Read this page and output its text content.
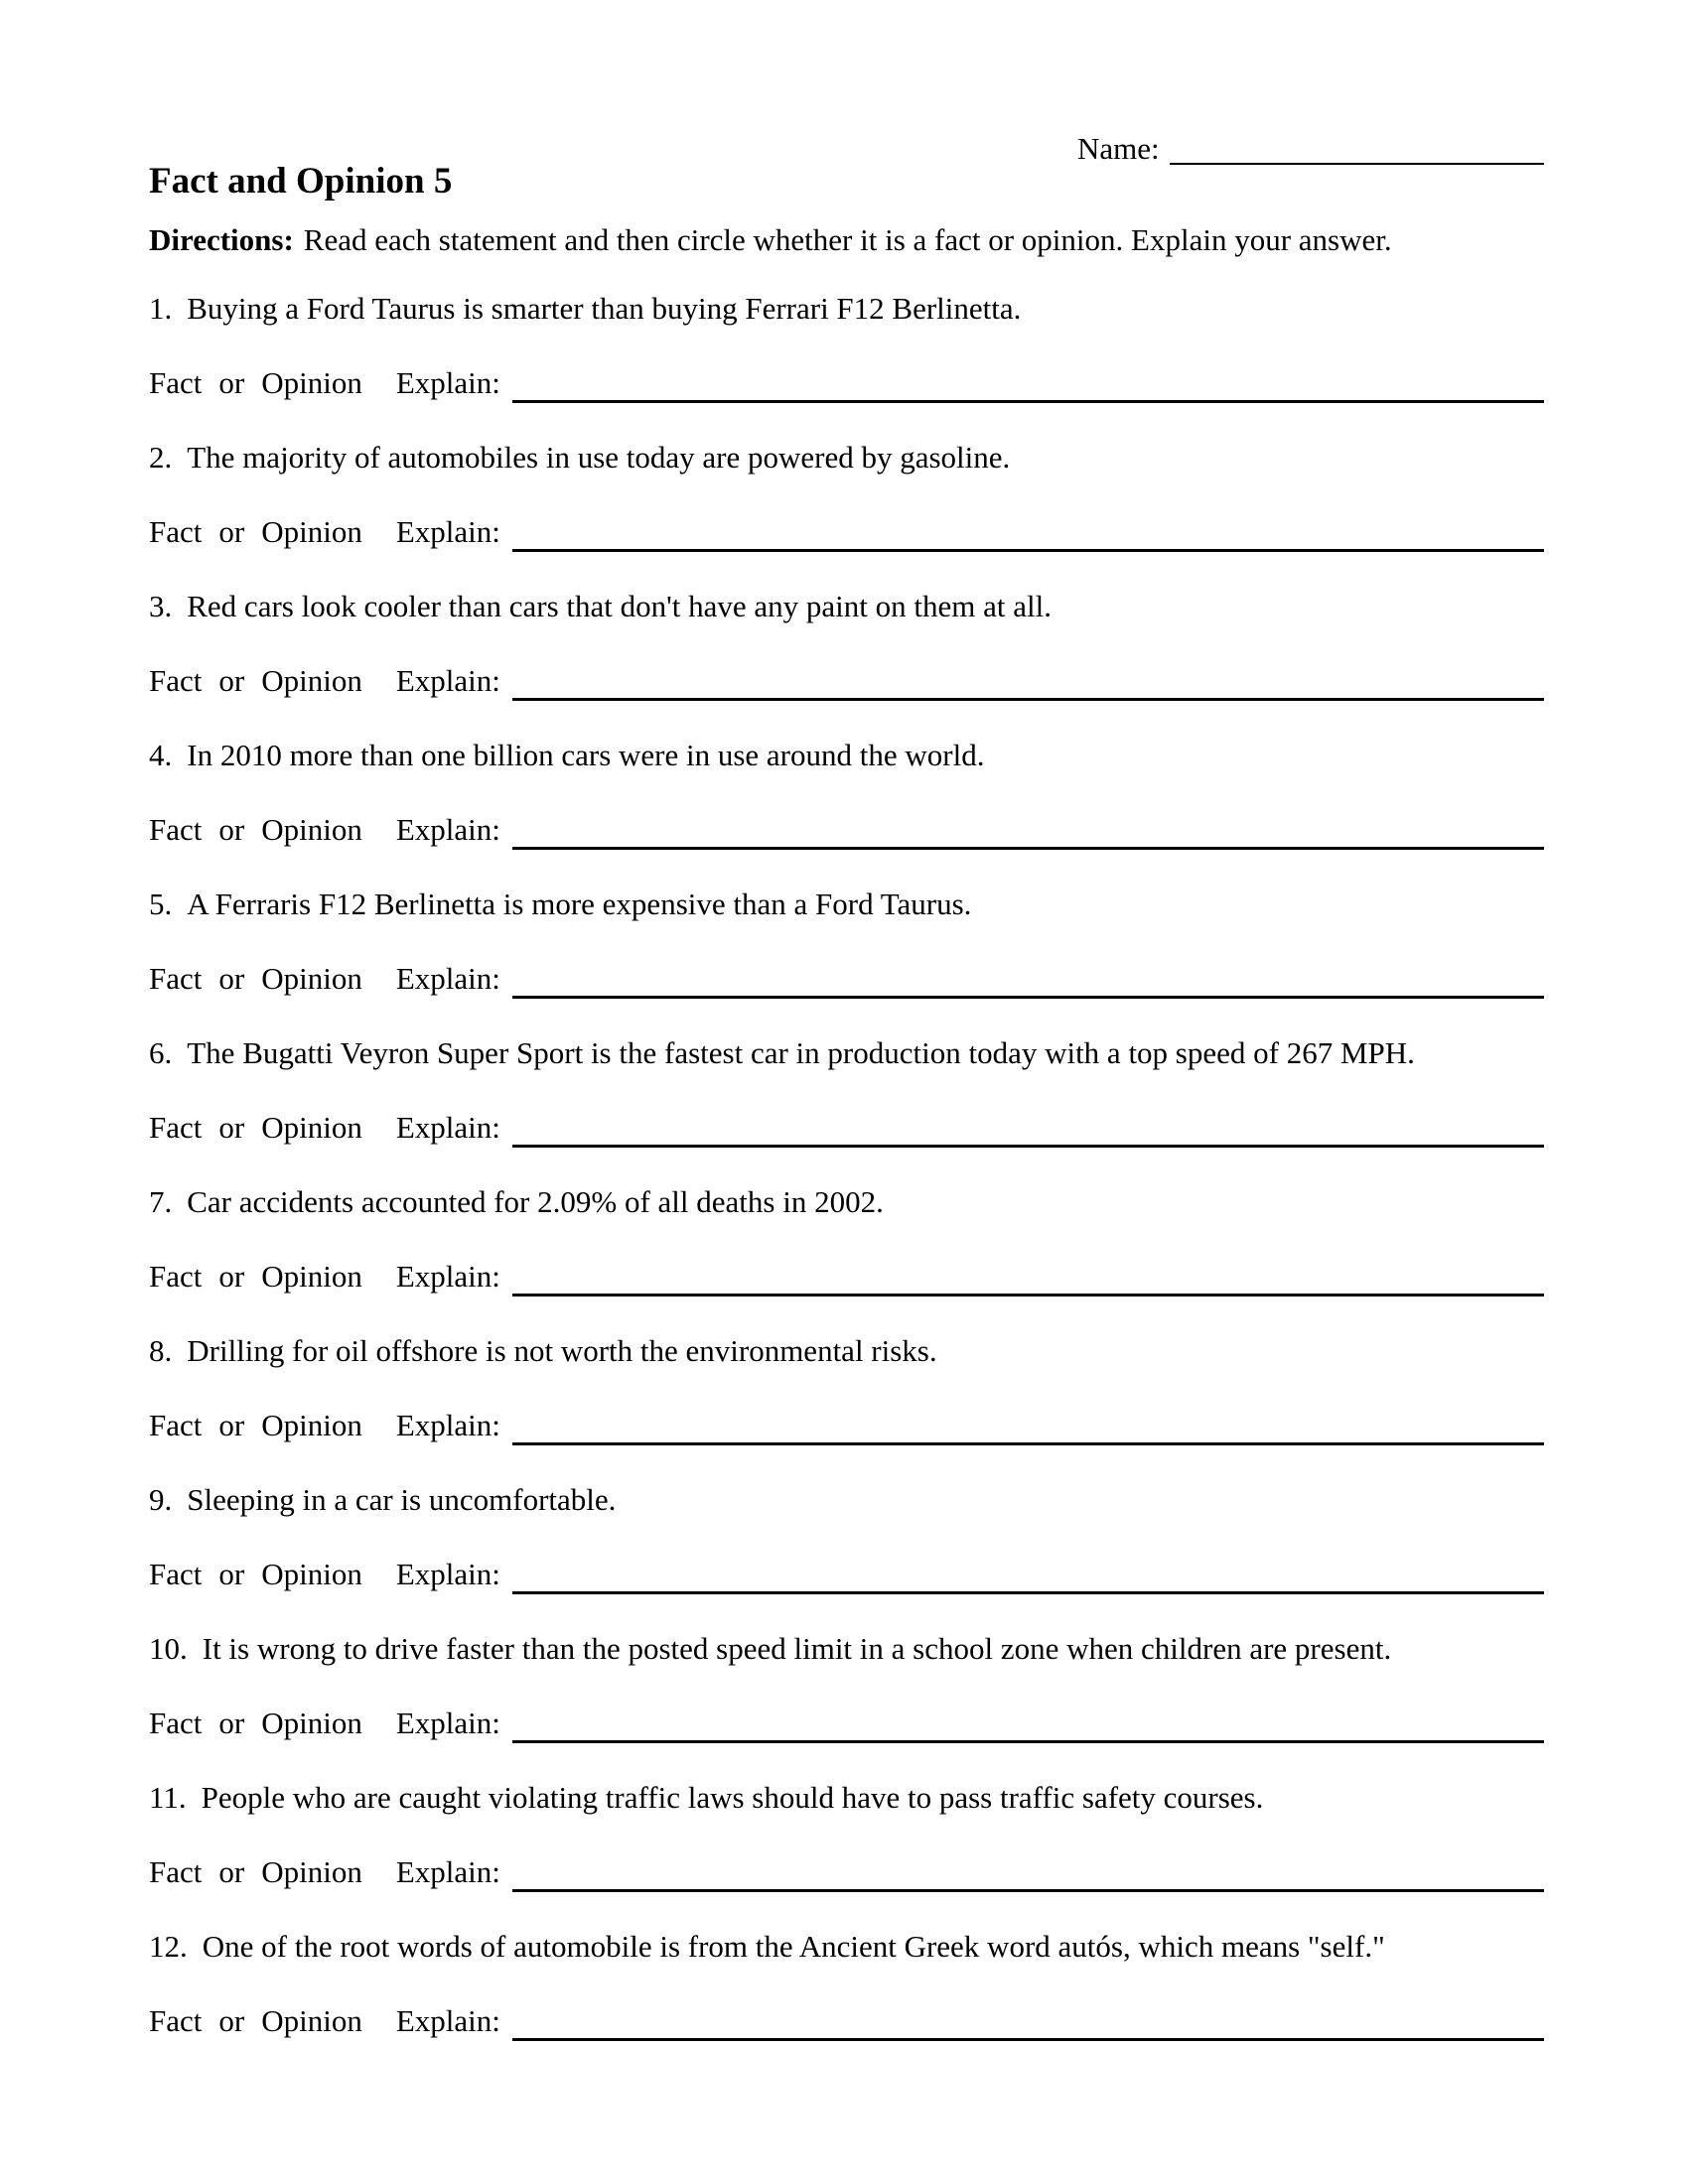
Name:
Fact and Opinion 5

Directions: Read each statement and then circle whether it is a fact or opinion. Explain your answer.

1. Buying a Ford Taurus is smarter than buying Ferrari F12 Berlinetta.

Fact or Opinion Explain:

2. The majority of automobiles in use today are powered by gasoline.

Fact or Opinion Explain:

3. Red cars look cooler than cars that don't have any paint on them at all.

Fact or Opinion Explain:

4. In 2010 more than one billion cars were in use around the world.

Fact or Opinion Explain:

5. A Ferraris F12 Berlinetta is more expensive than a Ford Taurus.

Fact or Opinion Explain:

6. The Bugatti Veyron Super Sport is the fastest car in production today with a top speed of 267 MPH.

Fact or Opinion Explain:

7. Car accidents accounted for 2.09% of all deaths in 2002.

Fact or Opinion Explain:

8. Drilling for oil offshore is not worth the environmental risks.

Fact or Opinion Explain:

9. Sleeping in a car is uncomfortable.

Fact or Opinion Explain:

10. It is wrong to drive faster than the posted speed limit in a school zone when children are present.

Fact or Opinion Explain:

11. People who are caught violating traffic laws should have to pass traffic safety courses.

Fact or Opinion Explain:

12. One of the root words of automobile is from the Ancient Greek word autós, which means "self."

Fact or Opinion Explain:
